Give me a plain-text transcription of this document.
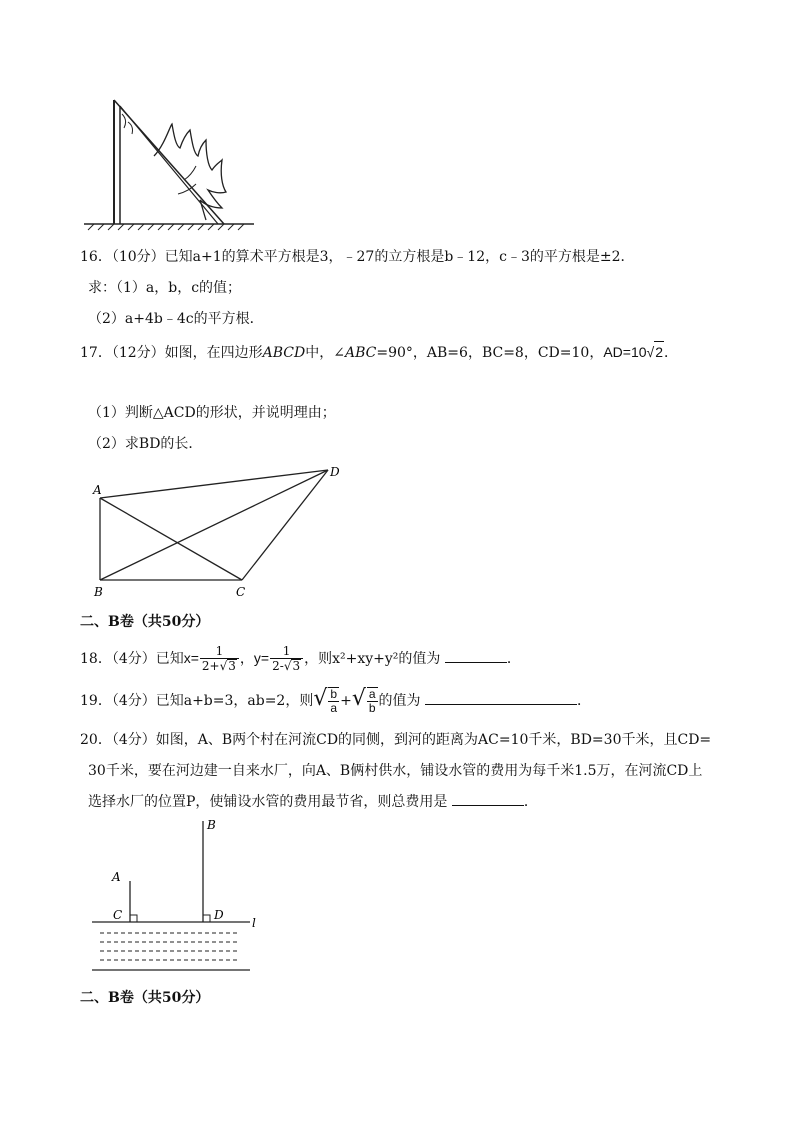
16．（10分）已知a+1的算术平方根是3，﹣27的立方根是b﹣12，c﹣3的平方根是±2．
求：（1）a，b，c的值；
（2）a+4b﹣4c的平方根．
17．（12分）如图，在四边形ABCD中，∠ABC=90°，AB=6，BC=8，CD=10，AD=10√2．
（1）判断△ACD的形状，并说明理由；
（2）求BD的长．
A
B	C
D
二、B卷（共50分）
18．（4分）已知$x= \frac{1}{2+√3}$ ，$y= \frac{1}{2-√3}$ ，则x²+xy+y²的值为	．
19．（4分）已知a+b=3，ab=2，则√ $\frac{b}{a}$ +√ $\frac{a}{b}$ 的值为	．
20．（4分）如图，A、B两个村在河流CD的同侧，到河的距离为AC=10千米，BD=30千米，且CD=
30千米，要在河边建一自来水厂，向A、B俩村供水，铺设水管的费用为每千米1.5万，在河流CD上
选择水厂的位置P，使铺设水管的费用最节省，则总费用是	．
l
A
C
B
D
二、B卷（共50分）
